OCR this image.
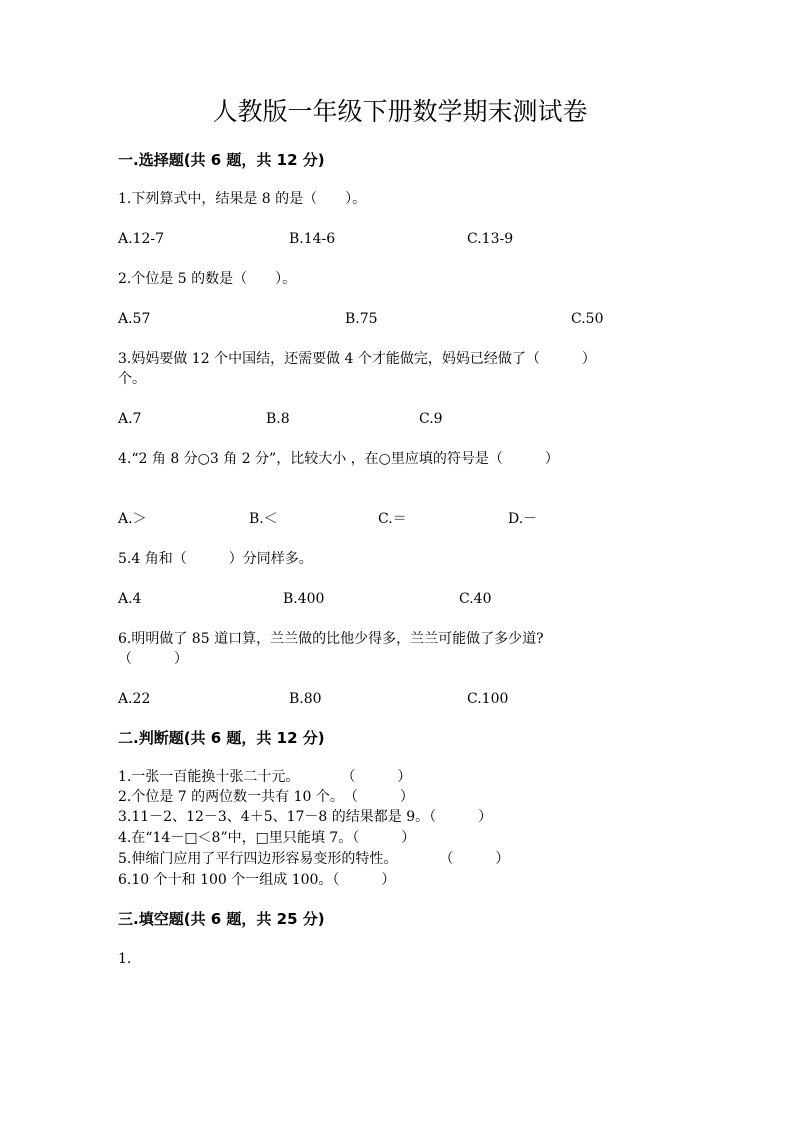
人教版一年级下册数学期末测试卷
一.选择题(共 6 题，共 12 分)
1.下列算式中，结果是 8 的是（　　）。
A.12-7	B.14-6	C.13-9
2.个位是 5 的数是（　　）。
A.57	B.75	C.50
3.妈妈要做 12 个中国结，还需要做 4 个才能做完，妈妈已经做了（　　　）
个。
A.7	B.8	C.9
4.“2 角 8 分○3 角 2 分”，比较大小 ，在○里应填的符号是（　　　）
A.＞	B.＜	C.＝	D.－
5.4 角和（　　　）分同样多。
A.4	B.400	C.40
6.明明做了 85 道口算，兰兰做的比他少得多，兰兰可能做了多少道?
（　　　）
A.22	B.80	C.100
二.判断题(共 6 题，共 12 分)
1.一张一百能换十张二十元。　　　　（　　　）
2.个位是 7 的两位数一共有 10 个。　（　　　）
3.11－2、12－3、4＋5、17－8 的结果都是 9。（　　　）
4.在“14－□＜8”中，□里只能填 7。（　　　）
5.伸缩门应用了平行四边形容易变形的特性。　　　　（　　　）
6.10 个十和 100 个一组成 100。（　　　）
三.填空题(共 6 题，共 25 分)
1.
